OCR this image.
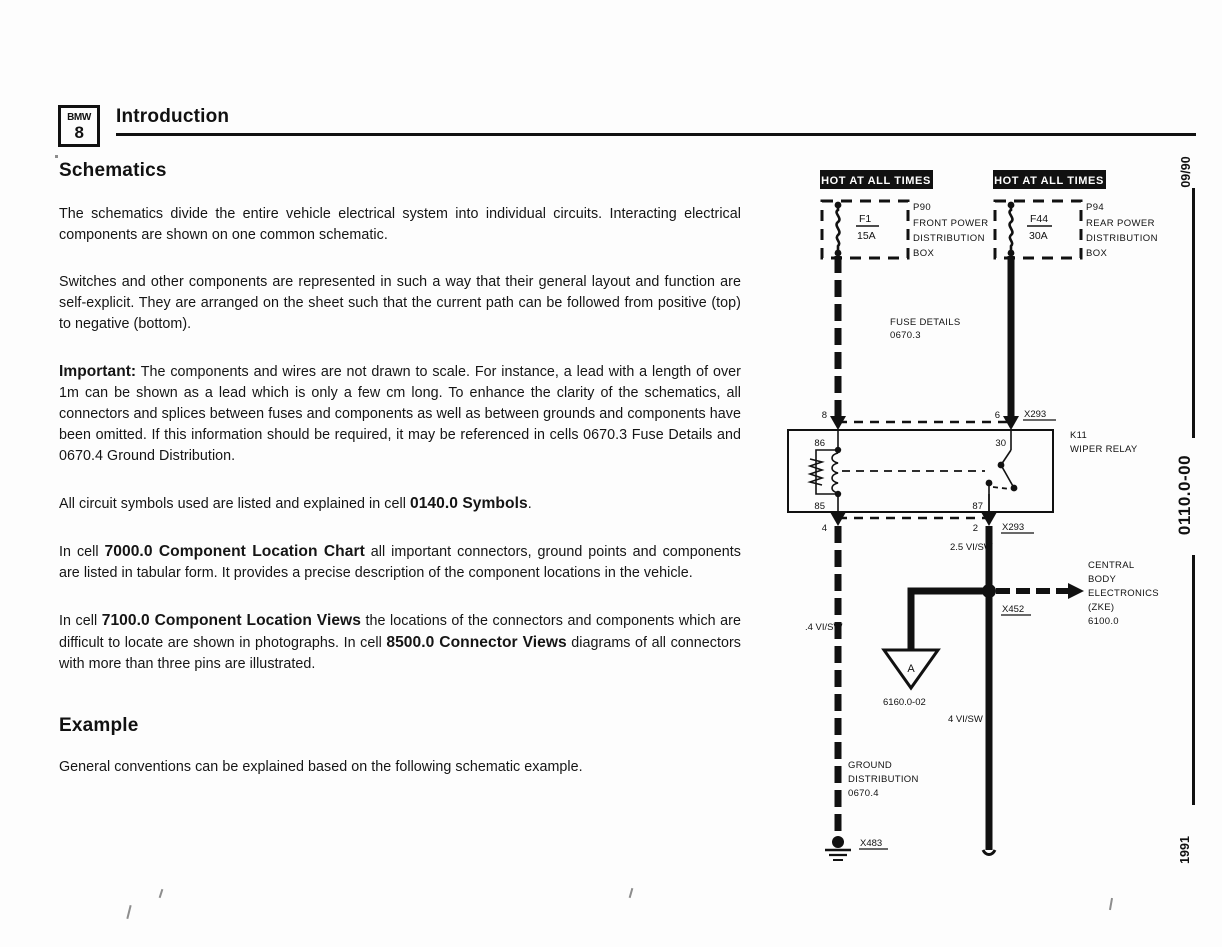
BMW
8
Introduction
Schematics

The schematics divide the entire vehicle electrical system into individual circuits. Interacting electrical components are shown on one common schematic.

Switches and other components are represented in such a way that their general layout and function are self-explicit. They are arranged on the sheet such that the current path can be followed from positive (top) to negative (bottom).

Important: The components and wires are not drawn to scale. For instance, a lead with a length of over 1m can be shown as a lead which is only a few cm long. To enhance the clarity of the schematics, all connectors and splices between fuses and components as well as between grounds and components have been omitted. If this information should be required, it may be referenced in cells 0670.3 Fuse Details and 0670.4 Ground Distribution.

All circuit symbols used are listed and explained in cell 0140.0 Symbols.

In cell 7000.0 Component Location Chart all important connectors, ground points and components are listed in tabular form. It provides a precise description of the component locations in the vehicle.

In cell 7100.0 Component Location Views the locations of the connectors and components which are difficult to locate are shown in photographs. In cell 8500.0 Connector Views diagrams of all connectors with more than three pins are illustrated.

Example

General conventions can be explained based on the following schematic example.

HOT AT ALL TIMES
F1
15A
P90
FRONT POWER
DISTRIBUTION
BOX
HOT AT ALL TIMES
F44
30A
P94
REAR POWER
DISTRIBUTION
BOX
FUSE DETAILS
0670.3
8	6	X293
86	30
85	87
K11
WIPER RELAY
4	2	X293
2.5 VI/SW
X452
CENTRAL
BODY
ELECTRONICS
(ZKE)
6100.0
.4 VI/SW
A
6160.0-02
4 VI/SW
GROUND
DISTRIBUTION
0670.4
X483
09/90
0110.0-00
1991
